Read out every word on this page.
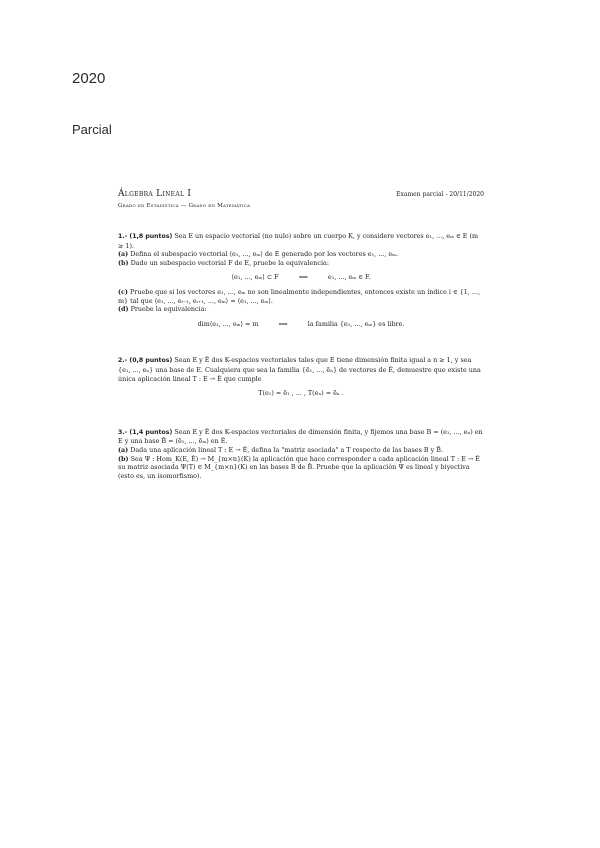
2020
Parcial
Álgebra Lineal I
Grado en Estadística — Grado en Matemática
Examen parcial - 20/11/2020

1.- (1,8 puntos) Sea E un espacio vectorial (no nulo) sobre un cuerpo K, y considere vectores e₁, ..., eₘ ∈ E (m ≥ 1).

(a) Defina el subespacio vectorial ⟨e₁, ..., eₘ⟩ de E generado por los vectores e₁, ..., eₘ.

(b) Dado un subespacio vectorial F de E, pruebe la equivalencia:

⟨e₁, ..., eₘ⟩ ⊂ F	⟺	e₁, ..., eₘ ∈ F.

(c) Pruebe que si los vectores e₁, ..., eₘ no son linealmente independientes, entonces existe un índice i ∈ {1, ..., m} tal que ⟨e₁, ..., eᵢ₋₁, eᵢ₊₁, ..., eₘ⟩ = ⟨e₁, ..., eₘ⟩.

(d) Pruebe la equivalencia:

dim⟨e₁, ..., eₘ⟩ = m	⟺	la familia {e₁, ..., eₘ} es libre.

2.- (0,8 puntos) Sean E y Ẽ dos K-espacios vectoriales tales que E tiene dimensión finita igual a n ≥ 1, y sea {e₁, ..., eₙ} una base de E. Cualquiera que sea la familia {ẽ₁, ..., ẽₙ} de vectores de Ẽ, demuestre que existe una única aplicación lineal T : E → Ẽ que cumple

T(e₁) = ẽ₁ , ... , T(eₙ) = ẽₙ .

3.- (1,4 puntos) Sean E y Ẽ dos K-espacios vectoriales de dimensión finita, y fijemos una base B = (e₁, ..., eₙ) en E y una base B̃ = (ẽ₁, ..., ẽₘ) en Ẽ.

(a) Dada una aplicación lineal T : E → Ẽ, defina la "matriz asociada" a T respecto de las bases B y B̃.

(b) Sea Ψ : Hom_K(E, Ẽ) → M_{m×n}(K) la aplicación que hace corresponder a cada aplicación lineal T : E → Ẽ su matriz asociada Ψ(T) ∈ M_{m×n}(K) en las bases B de B̃. Pruebe que la aplicación Ψ es lineal y biyectiva (esto es, un isomorfismo).
